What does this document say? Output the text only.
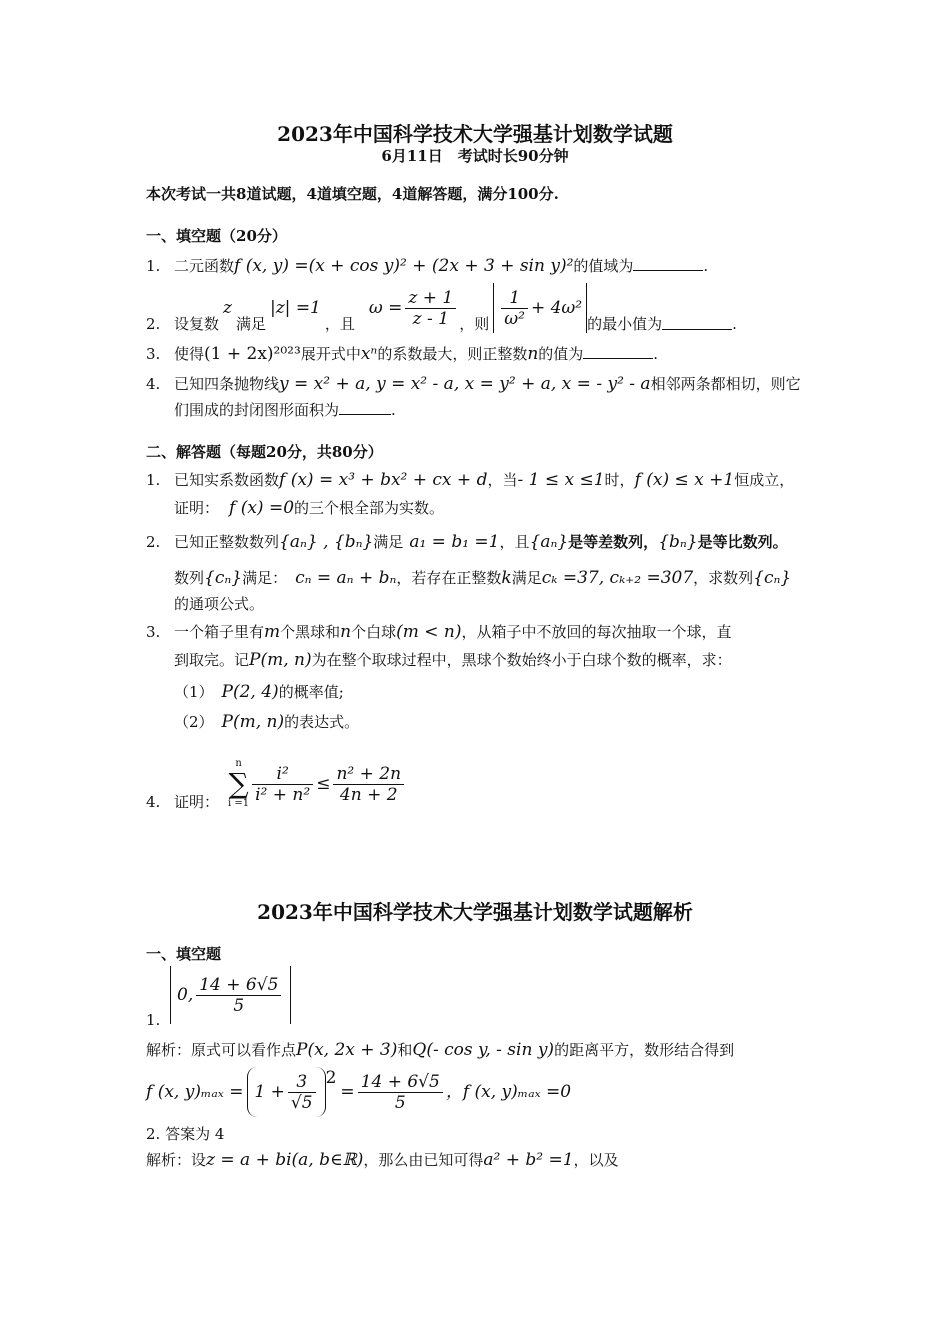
2023年中国科学技术大学强基计划数学试题
6月11日　考试时长90分钟
本次考试一共8道试题，4道填空题，4道解答题，满分100分.
一、填空题（20分）
1. 二元函数f (x, y) =(x + cos y)² + (2x + 3 + sin y)²的值域为	.
2. 设复数
z
满足
|z| =1
，且
$\omega = \frac{z + 1}{z - 1}$ ，则 $\frac{1}{\text{ω²}} + 4\omega^2$
的最小值为	.
3. 使得(1 + 2x)²⁰²³展开式中xⁿ的系数最大，则正整数n的值为	.
4. 已知四条抛物线y = x² + a, y = x² - a, x = y² + a, x = - y² - a相邻两条都相切，则它
们围成的封闭图形面积为	.
二、解答题（每题20分，共80分）
1. 已知实系数函数f (x) = x³ + bx² + cx + d，当- 1 ≤ x ≤1时，f (x) ≤ x +1恒成立，
证明： f (x) =0的三个根全部为实数。
2. 已知正整数数列{aₙ} , {bₙ}满足 a₁ = b₁ =1，且{aₙ}是等差数列，{bₙ}是等比数列。
数列{cₙ}满足： cₙ = aₙ + bₙ，若存在正整数k满足cₖ =37, cₖ₊₂ =307，求数列{cₙ}
的通项公式。
3. 一个箱子里有m个黑球和n个白球(m < n)，从箱子中不放回的每次抽取一个球，直
到取完。记P(m, n)为在整个取球过程中，黑球个数始终小于白球个数的概率，求：
（1） P(2, 4)的概率值;
（2） P(m, n)的表达式。
4. 证明：
n
∑
$i =1 \frac{\text{i²}}{\text{i² + n²}} \le \frac{\text{n² + 2n}}{4n + 2}$
2023年中国科学技术大学强基计划数学试题解析
一、填空题
1.
0, $\frac{14 + 6√5}{5}$
解析：原式可以看作点P(x, 2x + 3)和Q(- cos y, - sin y)的距离平方，数形结合得到
f (x, $y)_{max} = 1 + \frac{3}{√5} 2$
= $\frac{14 + 6√5}{5}$ ， f (x, y)ₘₐₓ =0
2. 答案为 4
解析：设z = a + bi(a, b∈ℝ)，那么由已知可得a² + b² =1，以及
